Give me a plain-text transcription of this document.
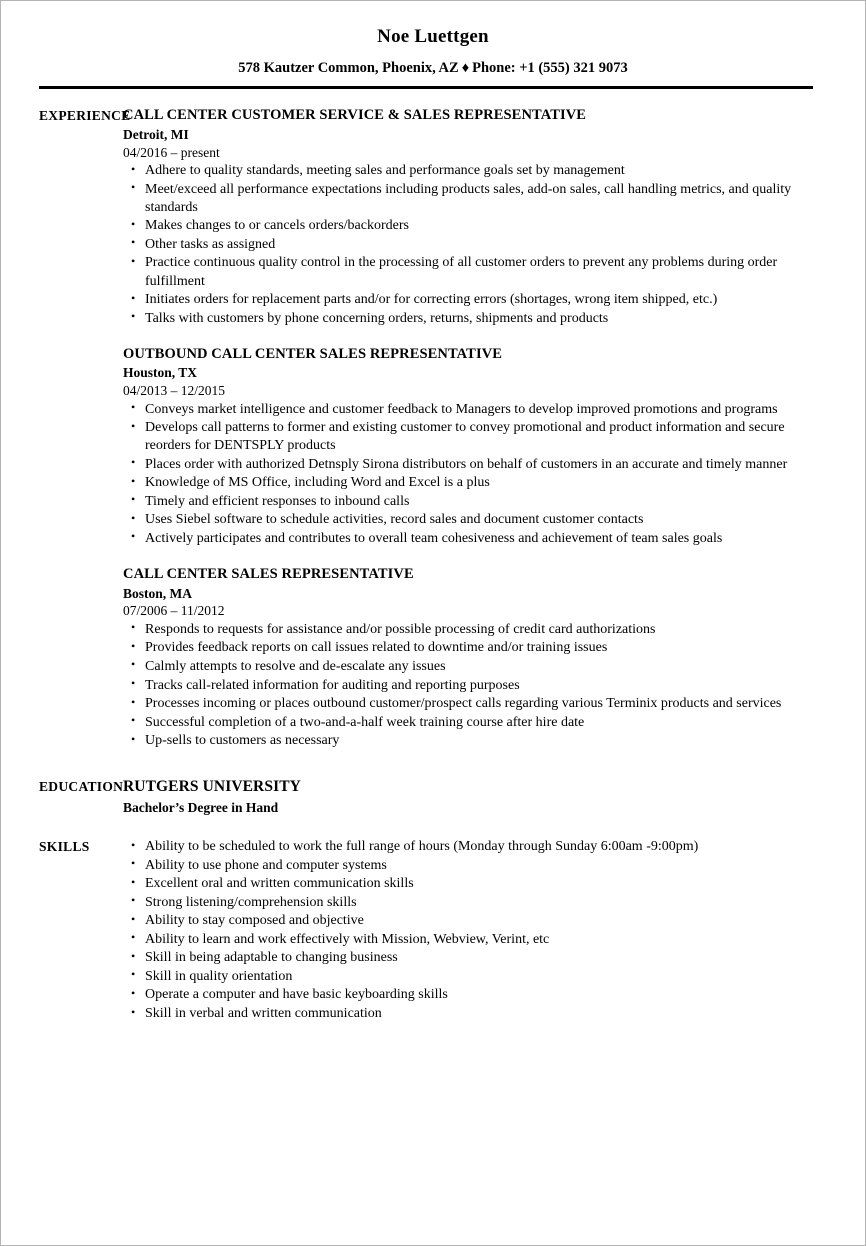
Noe Luettgen
578 Kautzer Common, Phoenix, AZ ♦ Phone: +1 (555) 321 9073
EXPERIENCE
CALL CENTER CUSTOMER SERVICE & SALES REPRESENTATIVE
Detroit, MI
04/2016 – present
• Adhere to quality standards, meeting sales and performance goals set by management
• Meet/exceed all performance expectations including products sales, add-on sales, call handling metrics, and quality standards
• Makes changes to or cancels orders/backorders
• Other tasks as assigned
• Practice continuous quality control in the processing of all customer orders to prevent any problems during order fulfillment
• Initiates orders for replacement parts and/or for correcting errors (shortages, wrong item shipped, etc.)
• Talks with customers by phone concerning orders, returns, shipments and products
OUTBOUND CALL CENTER SALES REPRESENTATIVE
Houston, TX
04/2013 – 12/2015
• Conveys market intelligence and customer feedback to Managers to develop improved promotions and programs
• Develops call patterns to former and existing customer to convey promotional and product information and secure reorders for DENTSPLY products
• Places order with authorized Detnsply Sirona distributors on behalf of customers in an accurate and timely manner
• Knowledge of MS Office, including Word and Excel is a plus
• Timely and efficient responses to inbound calls
• Uses Siebel software to schedule activities, record sales and document customer contacts
• Actively participates and contributes to overall team cohesiveness and achievement of team sales goals
CALL CENTER SALES REPRESENTATIVE
Boston, MA
07/2006 – 11/2012
• Responds to requests for assistance and/or possible processing of credit card authorizations
• Provides feedback reports on call issues related to downtime and/or training issues
• Calmly attempts to resolve and de-escalate any issues
• Tracks call-related information for auditing and reporting purposes
• Processes incoming or places outbound customer/prospect calls regarding various Terminix products and services
• Successful completion of a two-and-a-half week training course after hire date
• Up-sells to customers as necessary
EDUCATION RUTGERS UNIVERSITY
Bachelor’s Degree in Hand
SKILLS	• Ability to be scheduled to work the full range of hours (Monday through Sunday 6:00am -9:00pm)
• Ability to use phone and computer systems
• Excellent oral and written communication skills
• Strong listening/comprehension skills
• Ability to stay composed and objective
• Ability to learn and work effectively with Mission, Webview, Verint, etc
• Skill in being adaptable to changing business
• Skill in quality orientation
• Operate a computer and have basic keyboarding skills
• Skill in verbal and written communication
